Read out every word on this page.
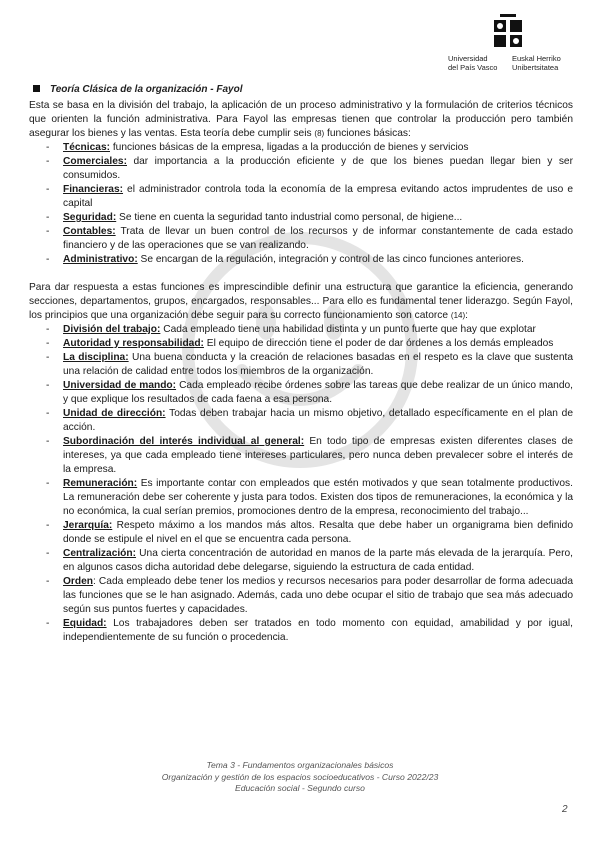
Universidad
del País Vasco
Euskal Herriko
Unibertsitatea
Teoría Clásica de la organización - Fayol

Esta se basa en la división del trabajo, la aplicación de un proceso administrativo y la formulación de criterios técnicos que orienten la función administrativa. Para Fayol las empresas tienen que controlar la producción pero también asegurar los bienes y las ventas. Esta teoría debe cumplir seis (8) funciones básicas:

- Técnicas: funciones básicas de la empresa, ligadas a la producción de bienes y servicios
- Comerciales: dar importancia a la producción eficiente y de que los bienes puedan llegar bien y ser consumidos.
- Financieras: el administrador controla toda la economía de la empresa evitando actos imprudentes de uso e capital
- Seguridad: Se tiene en cuenta la seguridad tanto industrial como personal, de higiene...
- Contables: Trata de llevar un buen control de los recursos y de informar constantemente de cada estado financiero y de las operaciones que se van realizando.
- Administrativo: Se encargan de la regulación, integración y control de las cinco funciones anteriores.

Para dar respuesta a estas funciones es imprescindible definir una estructura que garantice la eficiencia, generando secciones, departamentos, grupos, encargados, responsables... Para ello es fundamental tener liderazgo. Según Fayol, los principios que una organización debe seguir para su correcto funcionamiento son catorce (14):

- División del trabajo: Cada empleado tiene una habilidad distinta y un punto fuerte que hay que explotar
- Autoridad y responsabilidad: El equipo de dirección tiene el poder de dar órdenes a los demás empleados
- La disciplina: Una buena conducta y la creación de relaciones basadas en el respeto es la clave que sustenta una relación de calidad entre todos los miembros de la organización.
- Universidad de mando: Cada empleado recibe órdenes sobre las tareas que debe realizar de un único mando, y que explique los resultados de cada faena a esa persona.
- Unidad de dirección: Todas deben trabajar hacia un mismo objetivo, detallado específicamente en el plan de acción.
- Subordinación del interés individual al general: En todo tipo de empresas existen diferentes clases de intereses, ya que cada empleado tiene intereses particulares, pero nunca deben prevalecer sobre el interés de la empresa.
- Remuneración: Es importante contar con empleados que estén motivados y que sean totalmente productivos. La remuneración debe ser coherente y justa para todos. Existen dos tipos de remuneraciones, la económica y la no económica, la cual serían premios, promociones dentro de la empresa, reconocimiento del trabajo...
- Jerarquía: Respeto máximo a los mandos más altos. Resalta que debe haber un organigrama bien definido donde se estipule el nivel en el que se encuentra cada persona.
- Centralización: Una cierta concentración de autoridad en manos de la parte más elevada de la jerarquía. Pero, en algunos casos dicha autoridad debe delegarse, siguiendo la estructura de cada entidad.
- Orden: Cada empleado debe tener los medios y recursos necesarios para poder desarrollar de forma adecuada las funciones que se le han asignado. Además, cada uno debe ocupar el sitio de trabajo que sea más adecuado según sus puntos fuertes y capacidades.
- Equidad: Los trabajadores deben ser tratados en todo momento con equidad, amabilidad y por igual, independientemente de su función o procedencia.
Tema 3 - Fundamentos organizacionales básicos
Organización y gestión de los espacios socioeducativos - Curso 2022/23
Educación social - Segundo curso
2
